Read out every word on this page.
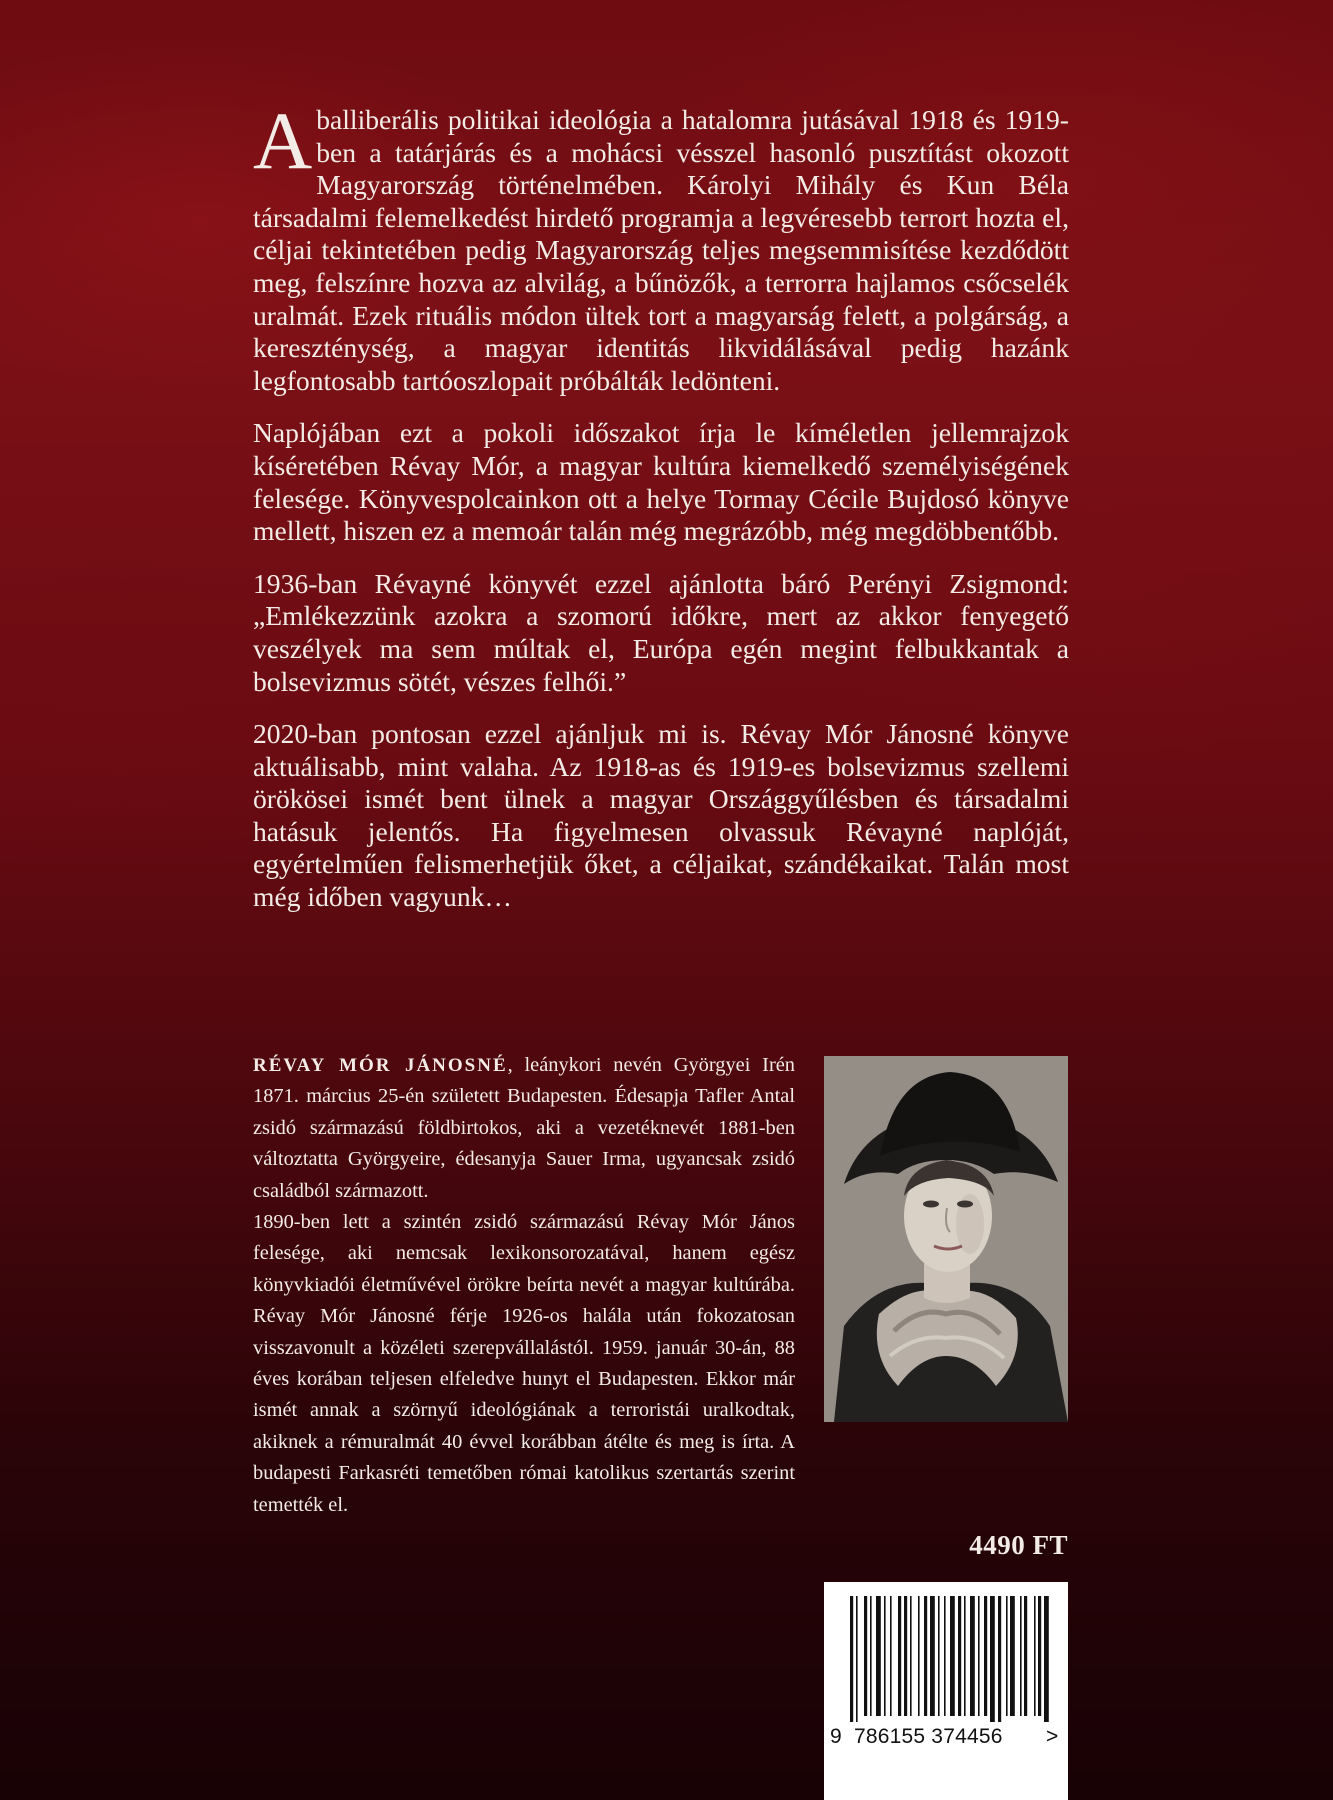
A balliberális politikai ideológia a hatalomra jutásával 1918 és 1919-ben a tatárjárás és a mohácsi vésszel hasonló pusztítást okozott Magyarország történelmében. Károlyi Mihály és Kun Béla társadalmi felemelkedést hirdető programja a legvéresebb terrort hozta el, céljai tekintetében pedig Magyarország teljes megsemmisítése kezdődött meg, felszínre hozva az alvilág, a bűnözők, a terrorra hajlamos csőcselék uralmát. Ezek rituális módon ültek tort a magyarság felett, a polgárság, a kereszténység, a magyar identitás likvidálásával pedig hazánk legfontosabb tartóoszlopait próbálták ledönteni.

Naplójában ezt a pokoli időszakot írja le kíméletlen jellemrajzok kíséretében Révay Mór, a magyar kultúra kiemelkedő személyiségének felesége. Könyvespolcainkon ott a helye Tormay Cécile Bujdosó könyve mellett, hiszen ez a memoár talán még megrázóbb, még megdöbbentőbb.

1936-ban Révayné könyvét ezzel ajánlotta báró Perényi Zsigmond: „Emlékezzünk azokra a szomorú időkre, mert az akkor fenyegető veszélyek ma sem múltak el, Európa egén megint felbukkantak a bolsevizmus sötét, vészes felhői.”

2020-ban pontosan ezzel ajánljuk mi is. Révay Mór Jánosné könyve aktuálisabb, mint valaha. Az 1918-as és 1919-es bolsevizmus szellemi örökösei ismét bent ülnek a magyar Országgyűlésben és társadalmi hatásuk jelentős. Ha figyelmesen olvassuk Révayné naplóját, egyértelműen felismerhetjük őket, a céljaikat, szándékaikat. Talán most még időben vagyunk…

RÉVAY MÓR JÁNOSNÉ, leánykori nevén Györgyei Irén 1871. március 25-én született Budapesten. Édesapja Tafler Antal zsidó származású földbirtokos, aki a vezetéknevét 1881-ben változtatta Györgyeire, édesanyja Sauer Irma, ugyancsak zsidó családból származott.

1890-ben lett a szintén zsidó származású Révay Mór János felesége, aki nemcsak lexikonsorozatával, hanem egész könyvkiadói életművével örökre beírta nevét a magyar kultúrába. Révay Mór Jánosné férje 1926-os halála után fokozatosan visszavonult a közéleti szerepvállalástól. 1959. január 30-án, 88 éves korában teljesen elfeledve hunyt el Budapesten. Ekkor már ismét annak a szörnyű ideológiának a terroristái uralkodtak, akiknek a rémuralmát 40 évvel korábban átélte és meg is írta. A budapesti Farkasréti temetőben római katolikus szertartás szerint temették el.

4490 FT
9 786155 374456 >
